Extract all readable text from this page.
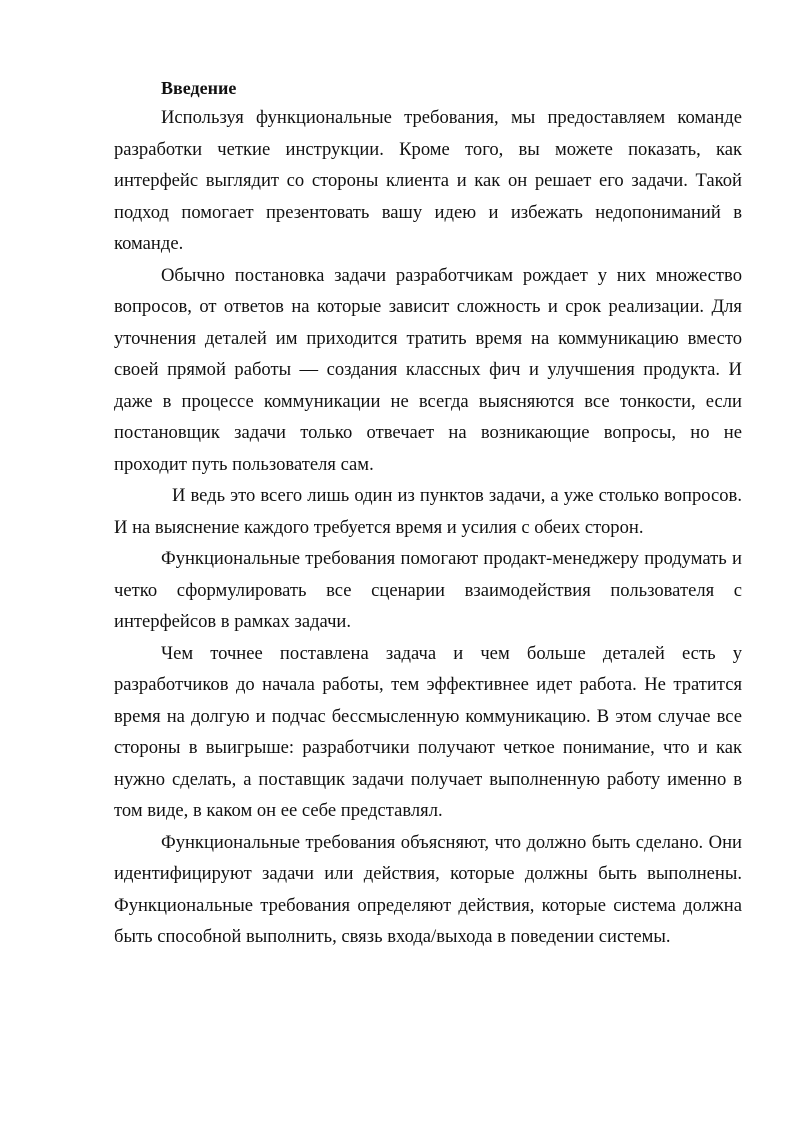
Введение

Используя функциональные требования, мы предоставляем команде разработки четкие инструкции. Кроме того, вы можете показать, как интерфейс выглядит со стороны клиента и как он решает его задачи. Такой подход помогает презентовать вашу идею и избежать недопониманий в команде.

Обычно постановка задачи разработчикам рождает у них множество вопросов, от ответов на которые зависит сложность и срок реализации. Для уточнения деталей им приходится тратить время на коммуникацию вместо своей прямой работы — создания классных фич и улучшения продукта. И даже в процессе коммуникации не всегда выясняются все тонкости, если постановщик задачи только отвечает на возникающие вопросы, но не проходит путь пользователя сам.

И ведь это всего лишь один из пунктов задачи, а уже столько вопросов. И на выяснение каждого требуется время и усилия с обеих сторон.

Функциональные требования помогают продакт-менеджеру продумать и четко сформулировать все сценарии взаимодействия пользователя с интерфейсов в рамках задачи.

Чем точнее поставлена задача и чем больше деталей есть у разработчиков до начала работы, тем эффективнее идет работа. Не тратится время на долгую и подчас бессмысленную коммуникацию. В этом случае все стороны в выигрыше: разработчики получают четкое понимание, что и как нужно сделать, а поставщик задачи получает выполненную работу именно в том виде, в каком он ее себе представлял.

Функциональные требования объясняют, что должно быть сделано. Они идентифицируют задачи или действия, которые должны быть выполнены. Функциональные требования определяют действия, которые система должна быть способной выполнить, связь входа/выхода в поведении системы.
